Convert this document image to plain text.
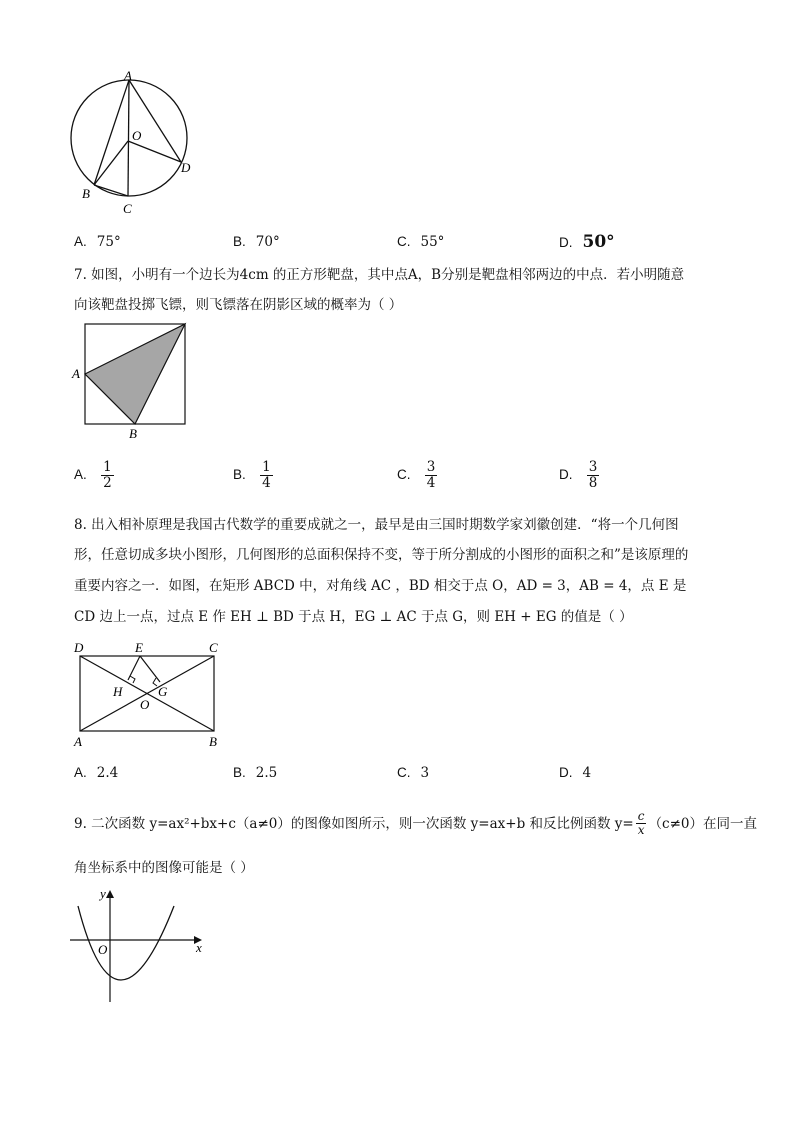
A
O
B
C
D
A. 75°	B. 70°	C. 55°	D. 50°
7. 如图，小明有一个边长为4cm 的正方形靶盘，其中点A，B分别是靶盘相邻两边的中点．若小明随意
向该靶盘投掷飞镖，则飞镖落在阴影区域的概率为（ ）
A
B
A. $\frac{1}{2}$	B. $\frac{1}{4}$	C. $\frac{3}{4}$	D. $\frac{3}{8}$
8. 出入相补原理是我国古代数学的重要成就之一，最早是由三国时期数学家刘徽创建．“将一个几何图
形，任意切成多块小图形，几何图形的总面积保持不变，等于所分割成的小图形的面积之和”是该原理的
重要内容之一．如图，在矩形 ABCD 中，对角线 AC ，BD 相交于点 O，AD = 3，AB = 4，点 E 是
CD 边上一点，过点 E 作 EH ⊥ BD 于点 H，EG ⊥ AC 于点 G，则 EH + EG 的值是（ ）
D	E	C
H	G
O
A	B
A. 2.4	B. 2.5	C. 3	D. 4
9. 二次函数 y=ax²+bx+c（a≠0）的图像如图所示，则一次函数 y=ax+b 和反比例函数 $y= \frac{c}{x} (c\ne 0)$在同一直
角坐标系中的图像可能是（ ）
y
O	x
